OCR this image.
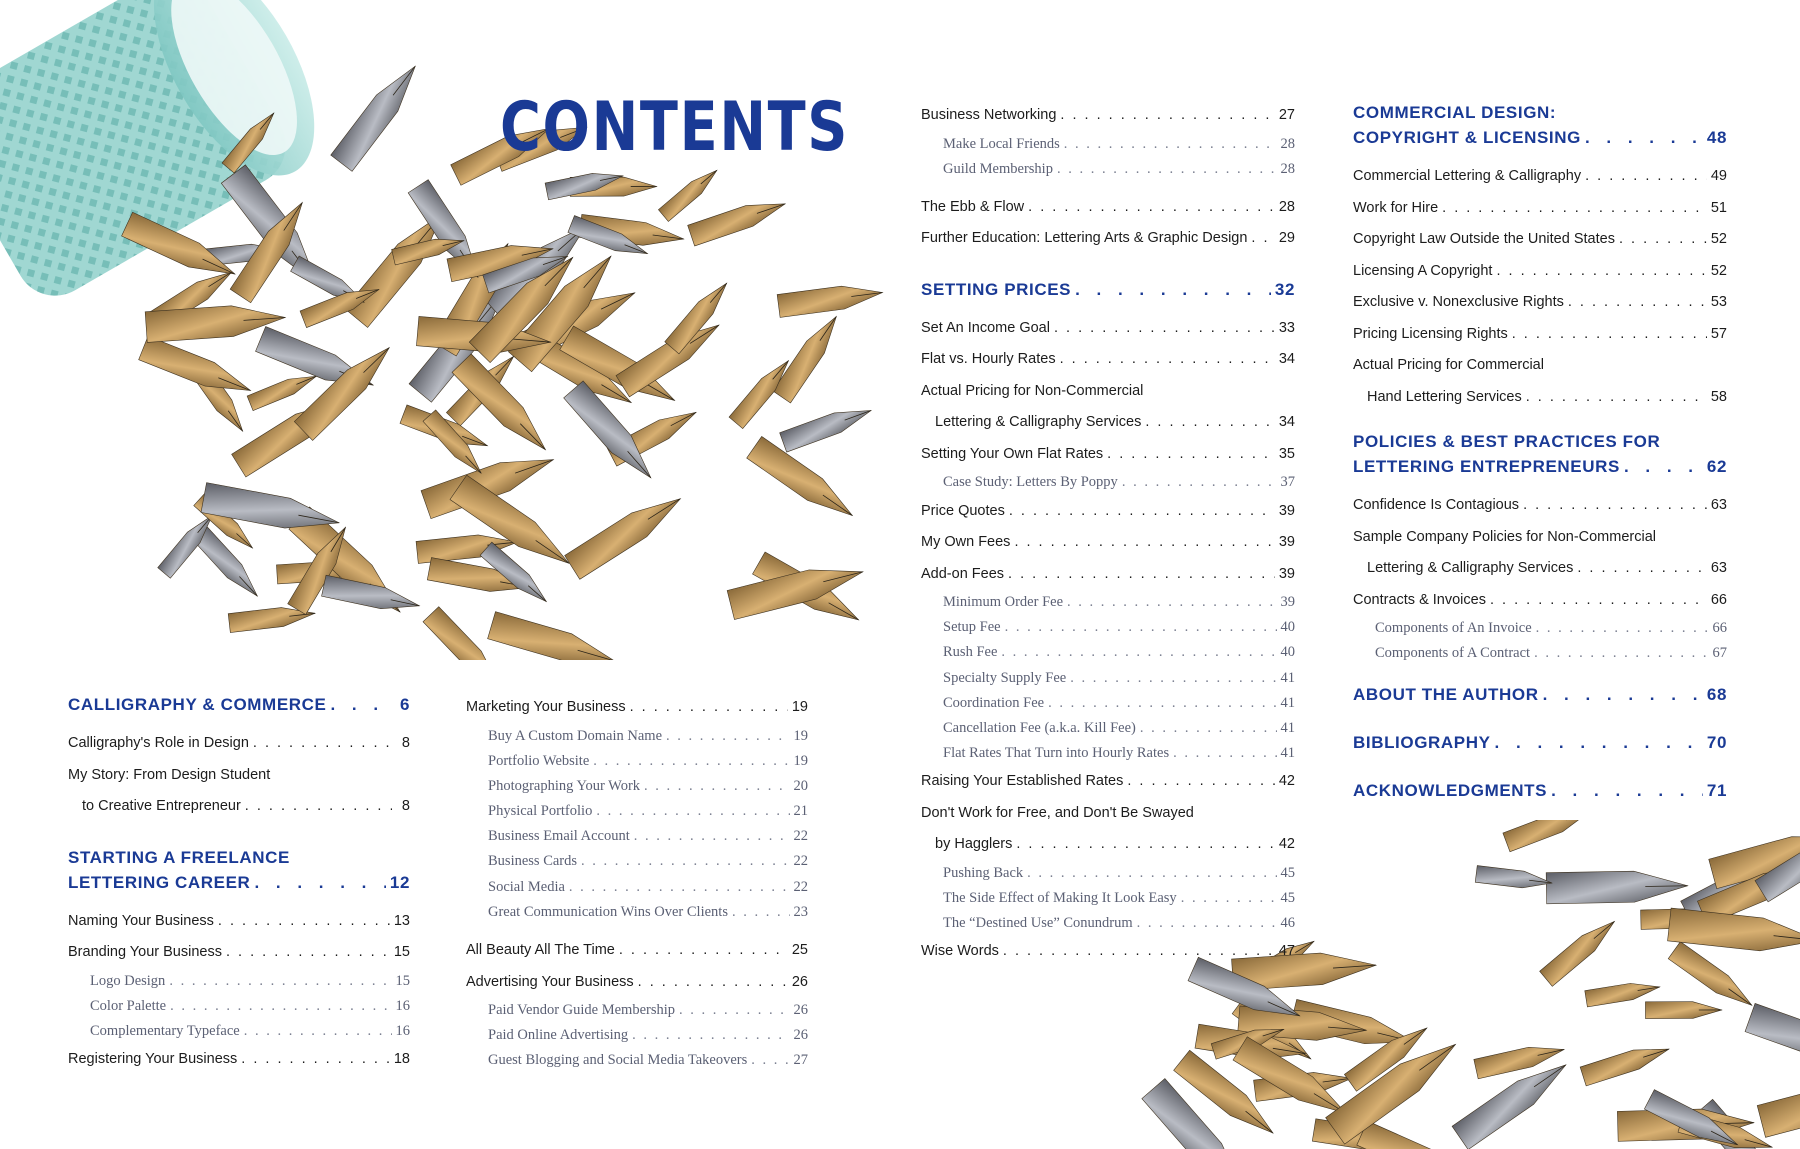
CONTENTS
CALLIGRAPHY & COMMERCE . . .	6
Calligraphy's Role in Design . . .	8
My Story: From Design Student
to Creative Entrepreneur . . .	8
STARTING A FREELANCE
LETTERING CAREER . . .	12
Naming Your Business . . .	13
Branding Your Business . . .	15
Logo Design . . .	15
Color Palette . . .	16
Complementary Typeface . . .	16
Registering Your Business . . .	18
Marketing Your Business . . .	19
Buy A Custom Domain Name . . .	19
Portfolio Website . . .	19
Photographing Your Work . . .	20
Physical Portfolio . . .	21
Business Email Account . . .	22
Business Cards . . .	22
Social Media . . .	22
Great Communication Wins Over Clients . . .	23
All Beauty All The Time . . .	25
Advertising Your Business . . .	26
Paid Vendor Guide Membership . . .	26
Paid Online Advertising . . .	26
Guest Blogging and Social Media Takeovers . . .	27
Business Networking . . .	27
Make Local Friends . . .	28
Guild Membership . . .	28
The Ebb & Flow . . .	28
Further Education: Lettering Arts & Graphic Design . . . 29
SETTING PRICES . . .	32
Set An Income Goal . . .	33
Flat vs. Hourly Rates . . .	34
Actual Pricing for Non-Commercial
Lettering & Calligraphy Services . . .	34
Setting Your Own Flat Rates . . .	35
Case Study: Letters By Poppy . . .	37
Price Quotes . . .	39
My Own Fees . . .	39
Add-on Fees . . .	39
Minimum Order Fee . . .	39
Setup Fee . . .	40
Rush Fee . . .	40
Specialty Supply Fee . . .	41
Coordination Fee . . .	41
Cancellation Fee (a.k.a. Kill Fee) . . .	41
Flat Rates That Turn into Hourly Rates . . .	41
Raising Your Established Rates . . .	42
Don't Work for Free, and Don't Be Swayed
by Hagglers . . .	42
Pushing Back . . .	45
The Side Effect of Making It Look Easy . . .	45
The “Destined Use” Conundrum . . .	46
Wise Words . . .	47
COMMERCIAL DESIGN:
COPYRIGHT & LICENSING . . .	48
Commercial Lettering & Calligraphy . . .	49
Work for Hire . . .	51
Copyright Law Outside the United States . . .	52
Licensing A Copyright . . .	52
Exclusive v. Nonexclusive Rights . . .	53
Pricing Licensing Rights . . .	57
Actual Pricing for Commercial
Hand Lettering Services . . .	58
POLICIES & BEST PRACTICES FOR
LETTERING ENTREPRENEURS . . .	62
Confidence Is Contagious . . .	63
Sample Company Policies for Non-Commercial
Lettering & Calligraphy Services . . .	63
Contracts & Invoices . . .	66
Components of An Invoice . . .	66
Components of A Contract . . .	67
ABOUT THE AUTHOR . . .	68
BIBLIOGRAPHY . . .	70
ACKNOWLEDGMENTS . . .	71
